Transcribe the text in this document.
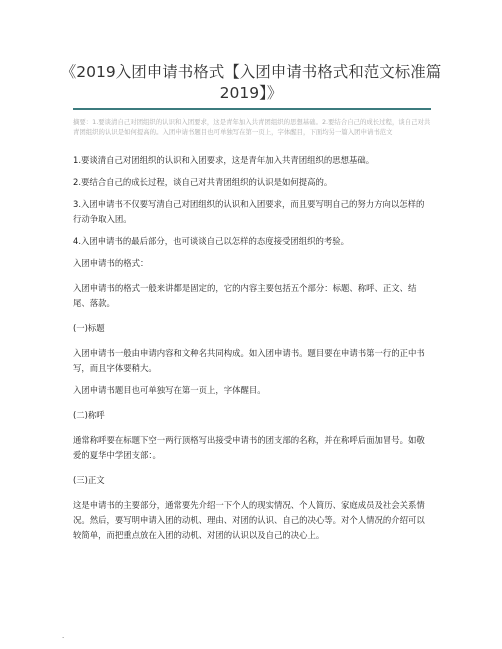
《2019入团申请书格式【入团申请书格式和范文标准篇2019】》

摘要：1.要谈清自己对团组织的认识和入团要求，这是青年加入共青团组织的思想基础。2.要结合自己的成长过程，谈自己对共青团组织的认识是如何提高的。入团申请书题目也可单独写在第一页上，字体醒目，下面均另一篇入团申请书范文

1.要谈清自己对团组织的认识和入团要求，这是青年加入共青团组织的思想基础。

2.要结合自己的成长过程，谈自己对共青团组织的认识是如何提高的。

3.入团申请书不仅要写清自己对团组织的认识和入团要求，而且要写明自己的努力方向以怎样的行动争取入团。

4.入团申请书的最后部分，也可谈谈自己以怎样的态度接受团组织的考验。

入团申请书的格式：

入团申请书的格式一般来讲都是固定的，它的内容主要包括五个部分：标题、称呼、正文、结尾、落款。

(一)标题

入团申请书一般由申请内容和文种名共同构成。如入团申请书。题目要在申请书第一行的正中书写，而且字体要稍大。

入团申请书题目也可单独写在第一页上，字体醒目。

(二)称呼

通常称呼要在标题下空一两行顶格写出接受申请书的团支部的名称，并在称呼后面加冒号。如敬爱的夏华中学团支部：。

(三)正文

这是申请书的主要部分，通常要先介绍一下个人的现实情况、个人简历、家庭成员及社会关系情况。然后，要写明申请入团的动机、理由、对团的认识、自己的决心等。对个人情况的介绍可以较简单，而把重点放在入团的动机、对团的认识以及自己的决心上。

.
